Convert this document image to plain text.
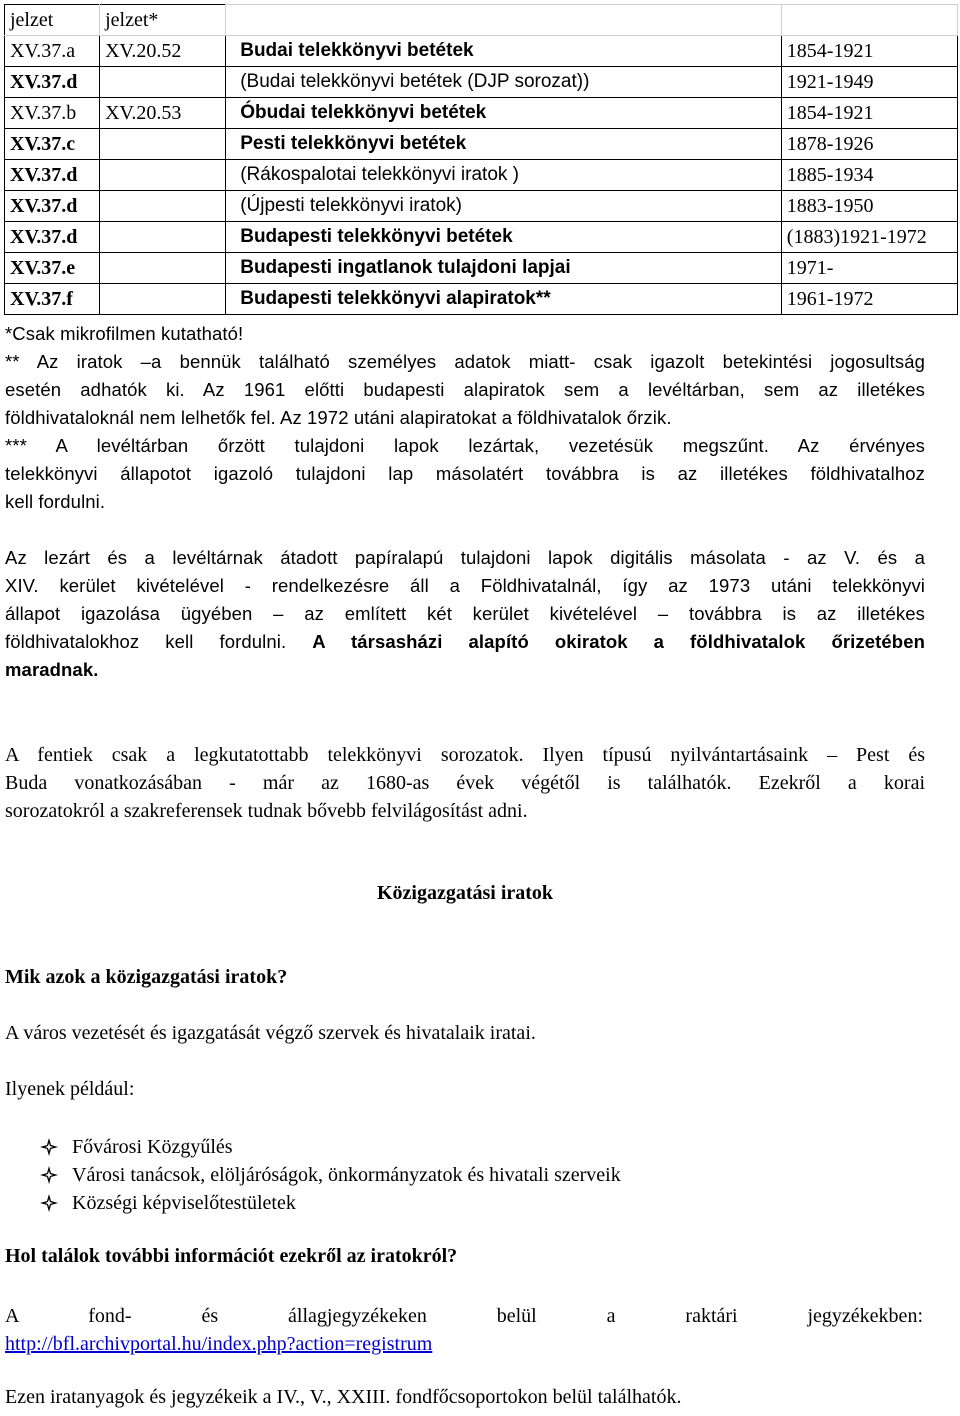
jelzet	jelzet*		
XV.37.a	XV.20.52	Budai telekkönyvi betétek	1854-1921
XV.37.d		(Budai telekkönyvi betétek (DJP sorozat))	1921-1949
XV.37.b	XV.20.53	Óbudai telekkönyvi betétek	1854-1921
XV.37.c		Pesti telekkönyvi betétek	1878-1926
XV.37.d		(Rákospalotai telekkönyvi iratok )	1885-1934
XV.37.d		(Újpesti telekkönyvi iratok)	1883-1950
XV.37.d		Budapesti telekkönyvi betétek	(1883)1921-1972
XV.37.e		Budapesti ingatlanok tulajdoni lapjai	1971-
XV.37.f		Budapesti telekkönyvi alapiratok**	1961-1972
*Csak mikrofilmen kutatható!
** Az iratok –a bennük található személyes adatok miatt- csak igazolt betekintési jogosultság
esetén adhatók ki. Az 1961 előtti budapesti alapiratok sem a levéltárban, sem az illetékes
földhivataloknál nem lelhetők fel. Az 1972 utáni alapiratokat a földhivatalok őrzik.
*** A levéltárban őrzött tulajdoni lapok lezártak, vezetésük megszűnt. Az érvényes
telekkönyvi állapotot igazoló tulajdoni lap másolatért továbbra is az illetékes földhivatalhoz
kell fordulni.
Az lezárt és a levéltárnak átadott papíralapú tulajdoni lapok digitális másolata - az V. és a
XIV. kerület kivételével - rendelkezésre áll a Földhivatalnál, így az 1973 utáni telekkönyvi
állapot igazolása ügyében – az említett két kerület kivételével – továbbra is az illetékes
földhivatalokhoz kell fordulni. A társasházi alapító okiratok a földhivatalok őrizetében
maradnak.
A fentiek csak a legkutatottabb telekkönyvi sorozatok. Ilyen típusú nyilvántartásaink – Pest és
Buda vonatkozásában - már az 1680-as évek végétől is találhatók. Ezekről a korai
sorozatokról a szakreferensek tudnak bővebb felvilágosítást adni.
Közigazgatási iratok
Mik azok a közigazgatási iratok?
A város vezetését és igazgatását végző szervek és hivatalaik iratai.
Ilyenek például:
Fővárosi Közgyűlés
Városi tanácsok, elöljáróságok, önkormányzatok és hivatali szerveik
Községi képviselőtestületek
Hol találok további információt ezekről az iratokról?
A fond- és állagjegyzékeken belül a raktári jegyzékekben:
http://bfl.archivportal.hu/index.php?action=registrum
Ezen iratanyagok és jegyzékeik a IV., V., XXIII. fondfőcsoportokon belül találhatók.
